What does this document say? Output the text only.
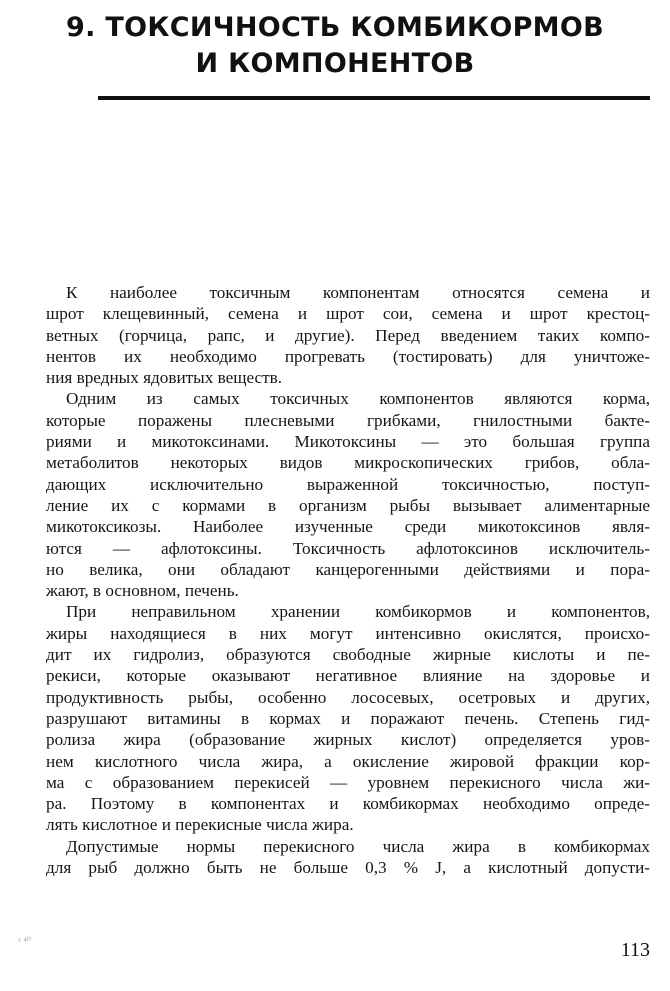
9. ТОКСИЧНОСТЬ КОМБИКОРМОВ
И КОМПОНЕНТОВ
К наиболее токсичным компонентам относятся семена и
шрот клещевинный, семена и шрот сои, семена и шрот крестоц-
ветных (горчица, рапс, и другие). Перед введением таких компо-
нентов их необходимо прогревать (тостировать) для уничтоже-
ния вредных ядовитых веществ.
Одним из самых токсичных компонентов являются корма,
которые поражены плесневыми грибками, гнилостными бакте-
риями и микотоксинами. Микотоксины — это большая группа
метаболитов некоторых видов микроскопических грибов, обла-
дающих исключительно выраженной токсичностью, поступ-
ление их с кормами в организм рыбы вызывает алиментарные
микотоксикозы. Наиболее изученные среди микотоксинов явля-
ются — афлотоксины. Токсичность афлотоксинов исключитель-
но велика, они обладают канцерогенными действиями и пора-
жают, в основном, печень.
При неправильном хранении комбикормов и компонентов,
жиры находящиеся в них могут интенсивно окислятся, происхо-
дит их гидролиз, образуются свободные жирные кислоты и пе-
рекиси, которые оказывают негативное влияние на здоровье и
продуктивность рыбы, особенно лососевых, осетровых и других,
разрушают витамины в кормах и поражают печень. Степень гид-
ролиза жира (образование жирных кислот) определяется уров-
нем кислотного числа жира, а окисление жировой фракции кор-
ма с образованием перекисей — уровнем перекисного числа жи-
ра. Поэтому в компонентах и комбикормах необходимо опреде-
лять кислотное и перекисные числа жира.
Допустимые нормы перекисного числа жира в комбикормах
для рыб должно быть не больше 0,3 % J, а кислотный допусти-
ˣ ⁴⁰	113
